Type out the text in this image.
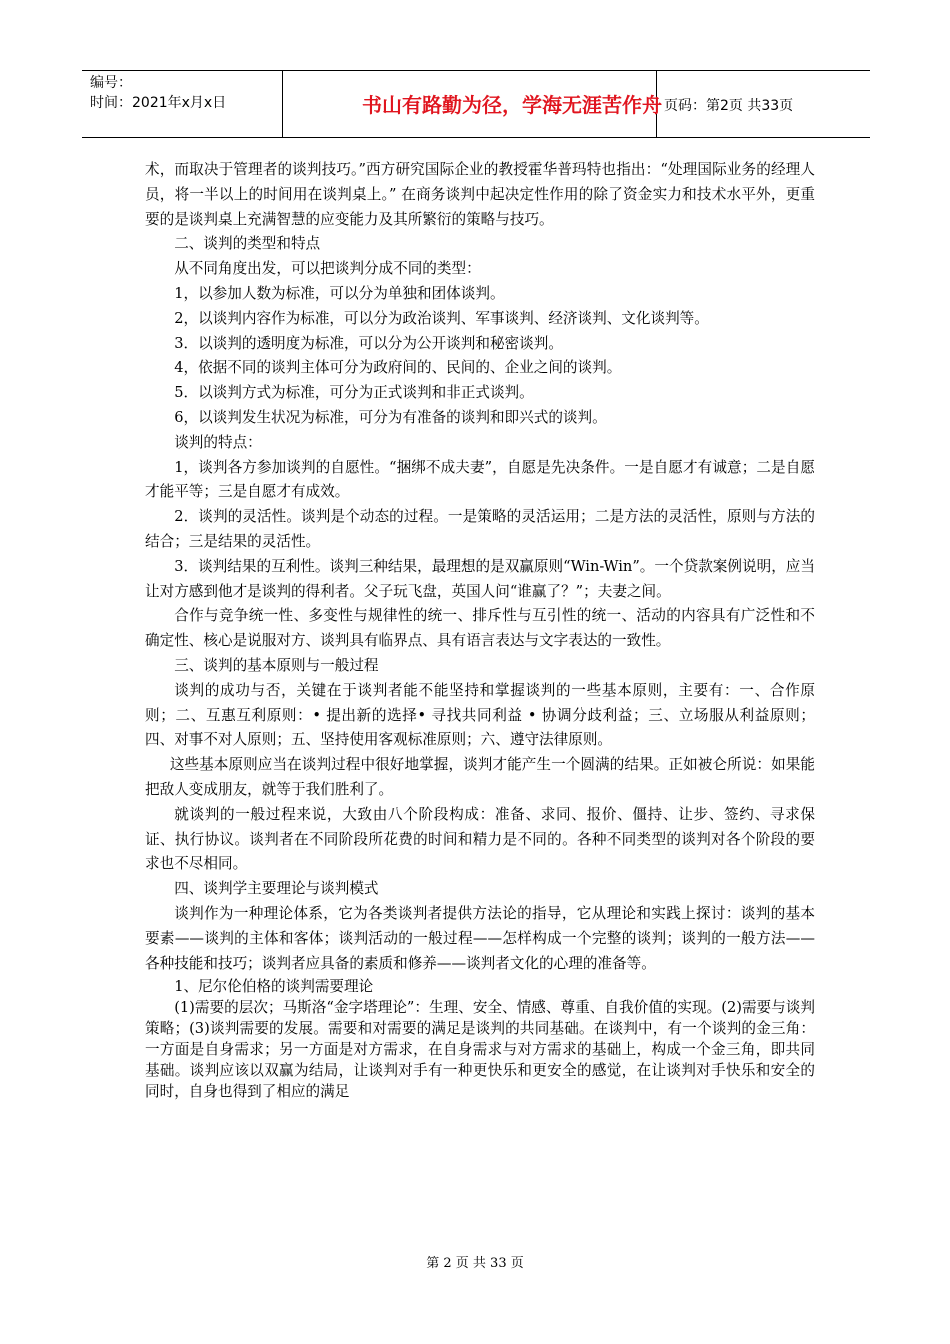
编号：
时间：2021年x月x日	书山有路勤为径，学海无涯苦作舟 页码：第2页 共33页

术，而取决于管理者的谈判技巧。”西方研究国际企业的教授霍华普玛特也指出：“处理国际业务的经理人员，将一半以上的时间用在谈判桌上。” 在商务谈判中起决定性作用的除了资金实力和技术水平外，更重要的是谈判桌上充满智慧的应变能力及其所繁衍的策略与技巧。

二、谈判的类型和特点

从不同角度出发，可以把谈判分成不同的类型：

1，以参加人数为标准，可以分为单独和团体谈判。

2，以谈判内容作为标准，可以分为政治谈判、军事谈判、经济谈判、文化谈判等。

3．以谈判的透明度为标准，可以分为公开谈判和秘密谈判。

4，依据不同的谈判主体可分为政府间的、民间的、企业之间的谈判。

5．以谈判方式为标准，可分为正式谈判和非正式谈判。

6，以谈判发生状况为标准，可分为有准备的谈判和即兴式的谈判。

谈判的特点：

1，谈判各方参加谈判的自愿性。“捆绑不成夫妻”，自愿是先决条件。一是自愿才有诚意；二是自愿才能平等；三是自愿才有成效。

2．谈判的灵活性。谈判是个动态的过程。一是策略的灵活运用；二是方法的灵活性，原则与方法的结合；三是结果的灵活性。

3．谈判结果的互利性。谈判三种结果，最理想的是双赢原则“Win-Win”。一个贷款案例说明，应当让对方感到他才是谈判的得利者。父子玩飞盘，英国人问“谁赢了？”；夫妻之间。

合作与竞争统一性、多变性与规律性的统一、排斥性与互引性的统一、活动的内容具有广泛性和不确定性、核心是说服对方、谈判具有临界点、具有语言表达与文字表达的一致性。

三、谈判的基本原则与一般过程

谈判的成功与否，关键在于谈判者能不能坚持和掌握谈判的一些基本原则，主要有：一、合作原则；二、互惠互利原则：• 提出新的选择• 寻找共同利益 • 协调分歧利益；三、立场服从利益原则；四、对事不对人原则；五、坚持使用客观标准原则；六、遵守法律原则。

这些基本原则应当在谈判过程中很好地掌握，谈判才能产生一个圆满的结果。正如被仑所说：如果能把敌人变成朋友，就等于我们胜利了。

就谈判的一般过程来说，大致由八个阶段构成：准备、求同、报价、僵持、让步、签约、寻求保证、执行协议。谈判者在不同阶段所花费的时间和精力是不同的。各种不同类型的谈判对各个阶段的要求也不尽相同。

四、谈判学主要理论与谈判模式

谈判作为一种理论体系，它为各类谈判者提供方法论的指导，它从理论和实践上探讨：谈判的基本要素——谈判的主体和客体；谈判活动的一般过程——怎样构成一个完整的谈判；谈判的一般方法——各种技能和技巧；谈判者应具备的素质和修养——谈判者文化的心理的准备等。

1、尼尔伦伯格的谈判需要理论

(1)需要的层次；马斯洛“金字塔理论”：生理、安全、情感、尊重、自我价值的实现。(2)需要与谈判策略；(3)谈判需要的发展。需要和对需要的满足是谈判的共同基础。在谈判中，有一个谈判的金三角：一方面是自身需求；另一方面是对方需求，在自身需求与对方需求的基础上，构成一个金三角，即共同基础。谈判应该以双赢为结局，让谈判对手有一种更快乐和更安全的感觉，在让谈判对手快乐和安全的同时，自身也得到了相应的满足

第 2 页 共 33 页
